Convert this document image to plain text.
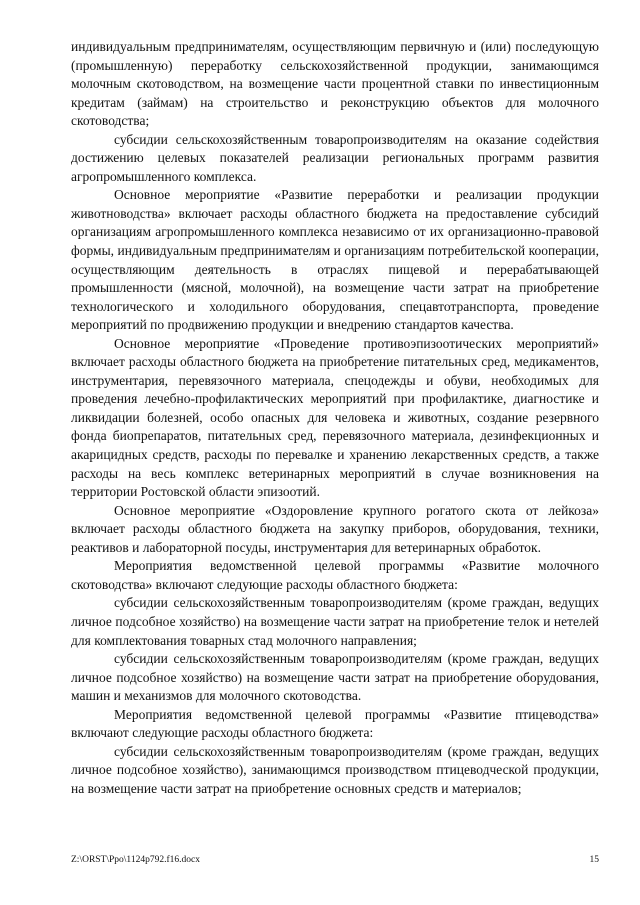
индивидуальным предпринимателям, осуществляющим первичную и (или) последующую (промышленную) переработку сельскохозяйственной продукции, занимающимся молочным скотоводством, на возмещение части процентной ставки по инвестиционным кредитам (займам) на строительство и реконструкцию объектов для молочного скотоводства;

субсидии сельскохозяйственным товаропроизводителям на оказание содействия достижению целевых показателей реализации региональных программ развития агропромышленного комплекса.

Основное мероприятие «Развитие переработки и реализации продукции животноводства» включает расходы областного бюджета на предоставление субсидий организациям агропромышленного комплекса независимо от их организационно-правовой формы, индивидуальным предпринимателям и организациям потребительской кооперации, осуществляющим деятельность в отраслях пищевой и перерабатывающей промышленности (мясной, молочной), на возмещение части затрат на приобретение технологического и холодильного оборудования, спецавтотранспорта, проведение мероприятий по продвижению продукции и внедрению стандартов качества.

Основное мероприятие «Проведение противоэпизоотических мероприятий» включает расходы областного бюджета на приобретение питательных сред, медикаментов, инструментария, перевязочного материала, спецодежды и обуви, необходимых для проведения лечебно-профилактических мероприятий при профилактике, диагностике и ликвидации болезней, особо опасных для человека и животных, создание резервного фонда биопрепаратов, питательных сред, перевязочного материала, дезинфекционных и акарицидных средств, расходы по перевалке и хранению лекарственных средств, а также расходы на весь комплекс ветеринарных мероприятий в случае возникновения на территории Ростовской области эпизоотий.

Основное мероприятие «Оздоровление крупного рогатого скота от лейкоза» включает расходы областного бюджета на закупку приборов, оборудования, техники, реактивов и лабораторной посуды, инструментария для ветеринарных обработок.

Мероприятия ведомственной целевой программы «Развитие молочного скотоводства» включают следующие расходы областного бюджета:

субсидии сельскохозяйственным товаропроизводителям (кроме граждан, ведущих личное подсобное хозяйство) на возмещение части затрат на приобретение телок и нетелей для комплектования товарных стад молочного направления;

субсидии сельскохозяйственным товаропроизводителям (кроме граждан, ведущих личное подсобное хозяйство) на возмещение части затрат на приобретение оборудования, машин и механизмов для молочного скотоводства.

Мероприятия ведомственной целевой программы «Развитие птицеводства» включают следующие расходы областного бюджета:

субсидии сельскохозяйственным товаропроизводителям (кроме граждан, ведущих личное подсобное хозяйство), занимающимся производством птицеводческой продукции, на возмещение части затрат на приобретение основных средств и материалов;

Z:\ORST\Ppo\1124p792.f16.docx	15
